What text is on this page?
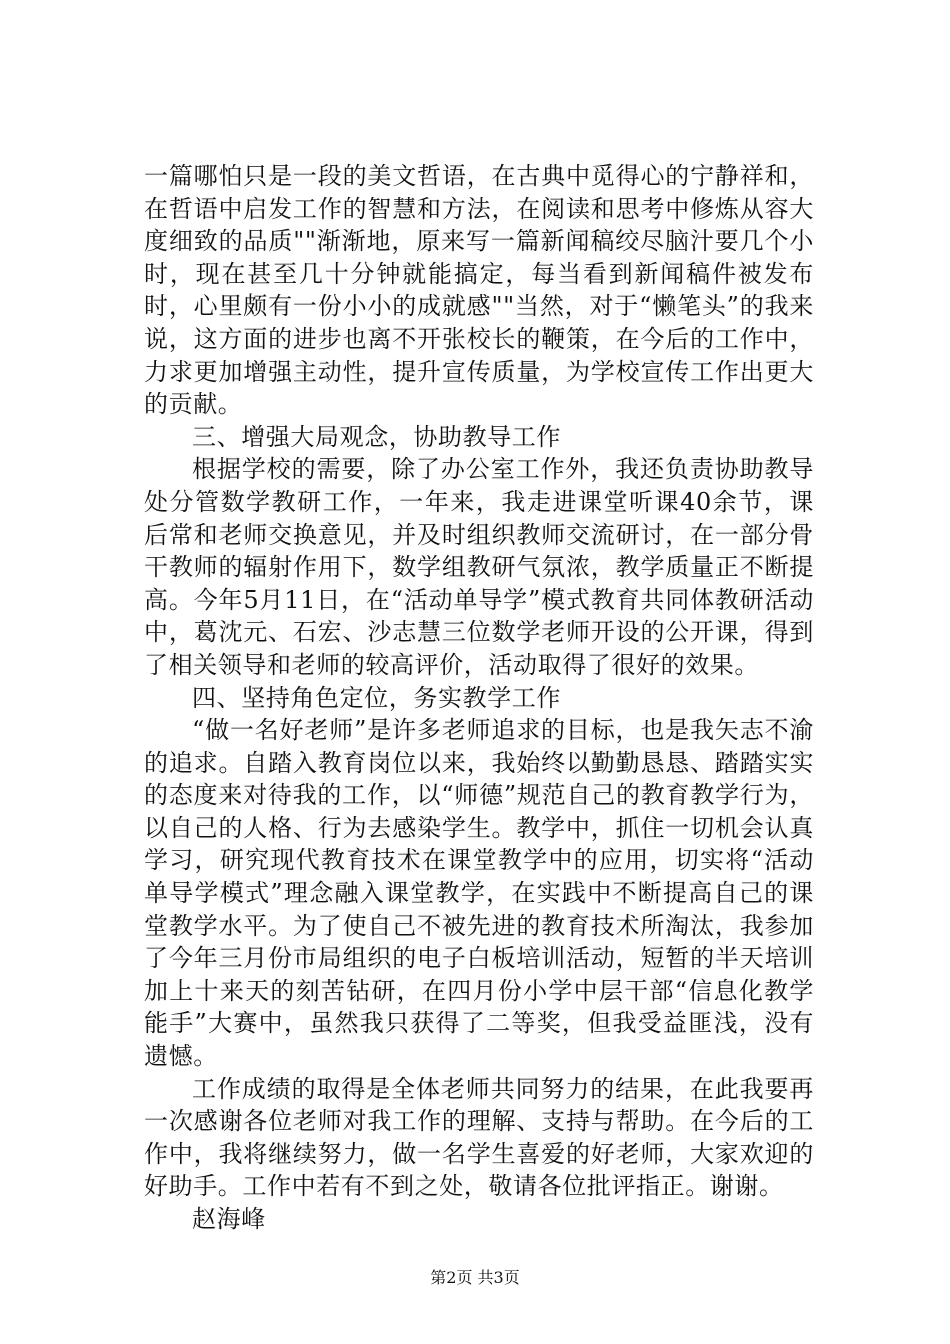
一篇哪怕只是一段的美文哲语，在古典中觅得心的宁静祥和，在哲语中启发工作的智慧和方法，在阅读和思考中修炼从容大度细致的品质""渐渐地，原来写一篇新闻稿绞尽脑汁要几个小时，现在甚至几十分钟就能搞定，每当看到新闻稿件被发布时，心里颇有一份小小的成就感""当然，对于“懒笔头”的我来说，这方面的进步也离不开张校长的鞭策，在今后的工作中，力求更加增强主动性，提升宣传质量，为学校宣传工作出更大的贡献。

三、增强大局观念，协助教导工作

根据学校的需要，除了办公室工作外，我还负责协助教导处分管数学教研工作，一年来，我走进课堂听课40余节，课后常和老师交换意见，并及时组织教师交流研讨，在一部分骨干教师的辐射作用下，数学组教研气氛浓，教学质量正不断提高。今年5月11日，在“活动单导学”模式教育共同体教研活动中，葛沈元、石宏、沙志慧三位数学老师开设的公开课，得到了相关领导和老师的较高评价，活动取得了很好的效果。

四、坚持角色定位，务实教学工作

“做一名好老师”是许多老师追求的目标，也是我矢志不渝的追求。自踏入教育岗位以来，我始终以勤勤恳恳、踏踏实实的态度来对待我的工作，以“师德”规范自己的教育教学行为，以自己的人格、行为去感染学生。教学中，抓住一切机会认真学习，研究现代教育技术在课堂教学中的应用，切实将“活动单导学模式”理念融入课堂教学，在实践中不断提高自己的课堂教学水平。为了使自己不被先进的教育技术所淘汰，我参加了今年三月份市局组织的电子白板培训活动，短暂的半天培训加上十来天的刻苦钻研，在四月份小学中层干部“信息化教学能手”大赛中，虽然我只获得了二等奖，但我受益匪浅，没有遗憾。

工作成绩的取得是全体老师共同努力的结果，在此我要再一次感谢各位老师对我工作的理解、支持与帮助。在今后的工作中，我将继续努力，做一名学生喜爱的好老师，大家欢迎的好助手。工作中若有不到之处，敬请各位批评指正。谢谢。

赵海峰

第2页 共3页
